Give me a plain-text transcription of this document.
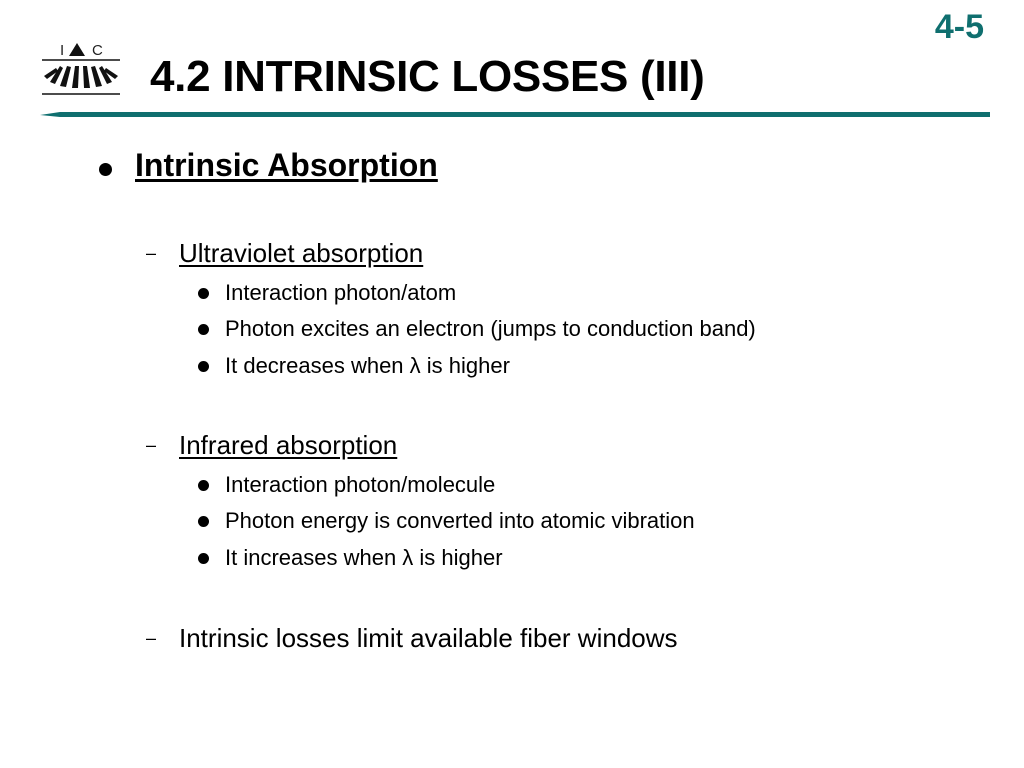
4-5
I C
4.2 INTRINSIC LOSSES (III)
Intrinsic Absorption
– Ultraviolet absorption
Interaction photon/atom
Photon excites an electron (jumps to conduction band)
It decreases when λ is higher
– Infrared absorption
Interaction photon/molecule
Photon energy is converted into atomic vibration
It increases when λ is higher
– Intrinsic losses limit available fiber windows
